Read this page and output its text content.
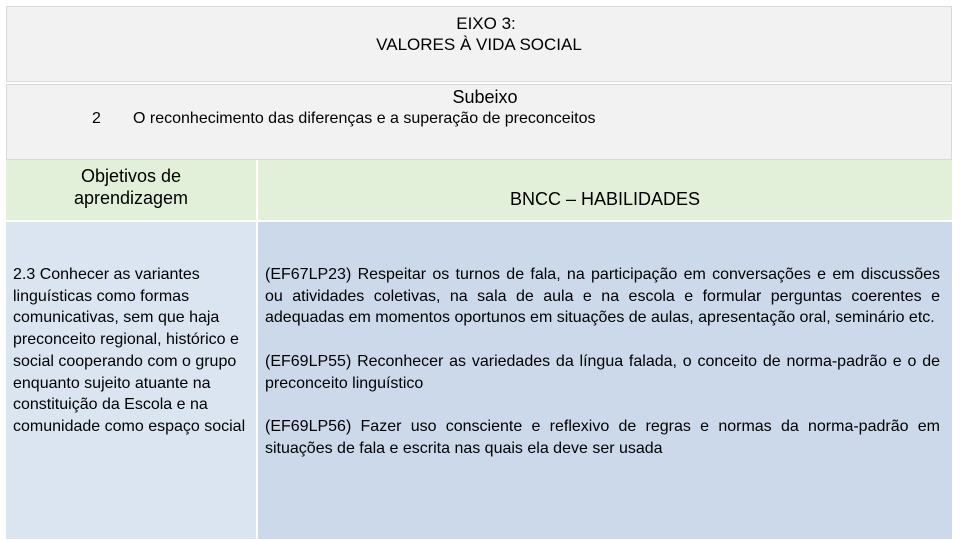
EIXO 3:
VALORES À VIDA SOCIAL
Subeixo
2 O reconhecimento das diferenças e a superação de preconceitos
Objetivos de
aprendizagem	BNCC – HABILIDADES
2.3 Conhecer as variantes linguísticas como formas comunicativas, sem que haja preconceito regional, histórico e social cooperando com o grupo enquanto sujeito atuante na constituição da Escola e na comunidade como espaço social

(EF67LP23) Respeitar os turnos de fala, na participação em conversações e em discussões ou atividades coletivas, na sala de aula e na escola e formular perguntas coerentes e adequadas em momentos oportunos em situações de aulas, apresentação oral, seminário etc.

(EF69LP55) Reconhecer as variedades da língua falada, o conceito de norma-padrão e o de preconceito linguístico

(EF69LP56) Fazer uso consciente e reflexivo de regras e normas da norma-padrão em situações de fala e escrita nas quais ela deve ser usada
